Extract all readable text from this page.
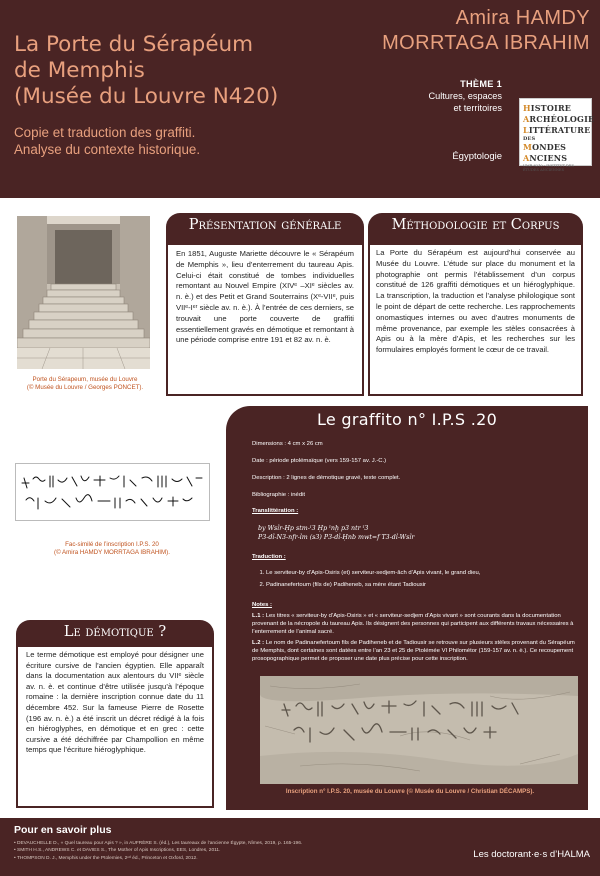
La Porte du Sérapéum
de Memphis
(Musée du Louvre N420)
Copie et traduction des graffiti.
Analyse du contexte historique.
Amira HAMDY
MORRTAGA IBRAHIM
THÈME 1
Cultures, espaces
et territoires
Égyptologie
HISTOIRE
ARCHÉOLOGIE
LITTÉRATURE
DES
MONDES
ANCIENS
UMR 8210 - INSTITUT DES ÉTUDES ANCIENNES
Porte du Sérapeum, musée du Louvre
(© Musée du Louvre / Georges PONCET).
Présentation générale
En 1851, Auguste Mariette découvre le « Sérapéum de Memphis », lieu d’enterrement du taureau Apis. Celui-ci était constitué de tombes individuelles remontant au Nouvel Empire (XIVᵉ –XIᵉ siècles av. n. è.) et des Petit et Grand Souterrains (Xᵉ-VIIᵉ, puis VIIᵉ-Iᵉʳ siècle av. n. è.). À l’entrée de ces derniers, se trouvait une porte couverte de graffiti essentiellement gravés en démotique et remontant à une période comprise entre 191 et 82 av. n. è.
Méthodologie et Corpus
La Porte du Sérapéum est aujourd’hui conservée au Musée du Louvre. L’étude sur place du monument et la photographie ont permis l’établissement d’un corpus constitué de 126 graffiti démotiques et un hiéroglyphique. La transcription, la traduction et l’analyse philologique sont le point de départ de cette recherche. Les rapprochements onomastiques internes ou avec d’autres monuments de même provenance, par exemple les stèles consacrées à Apis ou à la mère d’Apis, et les recherches sur les formulaires employés forment le cœur de ce travail.
Le graffito n° I.P.S .20
Dimensions : 4 cm x 26 cm
Date : période ptolémaïque (vers 159-157 av. J.-C.)
Description : 2 lignes de démotique gravé, texte complet.
Bibliographie : inédit
Translittération :
by Wsỉr-Ḥp stm-ˁ3 Ḥp ˁnḫ p3 ntr ˁ3
P3-dỉ-N3-nfr-ỉm (s3) P3-dỉ-Ḥnb mwt=f T3-dỉ-Wsỉr
Traduction :
1. Le serviteur-by d’Apis-Osiris (et) serviteur-sedjem-âch d’Apis vivant, le grand dieu,
2. Padinanefertoum (fils de) Padiheneb, sa mère étant Tadiousir
Notes :

L.1 : Les titres « serviteur-by d’Apis-Osiris » et « serviteur-sedjem d’Apis vivant » sont courants dans la documentation provenant de la nécropole du taureau Apis. Ils désignent des personnes qui participent aux différents travaux nécessaires à l’enterrement de l’animal sacré.

L.2 : Le nom de Padinanefertoum fils de Padiheneb et de Tadiousir se retrouve sur plusieurs stèles provenant du Sérapéum de Memphis, dont certaines sont datées entre l’an 23 et 25 de Ptolémée VI Philométor (159-157 av. n. è.). Ce recoupement prosopographique permet de proposer une date plus précise pour cette inscription.

Inscription n° I.P.S. 20, musée du Louvre (© Musée du Louvre / Christian DÉCAMPS).
Fac-similé de l’inscription I.P.S. 20
(© Amira HAMDY MORRTAGA IBRAHIM).
Le démotique ?
Le terme démotique est employé pour désigner une écriture cursive de l’ancien égyptien. Elle apparaît dans la documentation aux alentours du VIIᵉ siècle av. n. è. et continue d’être utilisée jusqu’à l’époque romaine : la dernière inscription connue date du 11 décembre 452. Sur la fameuse Pierre de Rosette (196 av. n. è.) a été inscrit un décret rédigé à la fois en hiéroglyphes, en démotique et en grec : cette cursive a été déchiffrée par Champollion en même temps que l’écriture hiéroglyphique.
Pour en savoir plus
• DEVAUCHELLE D., « Quel taureau pour Apis ? », in AUFRÈRE S. (éd.), Les taureaux de l’ancienne Égypte, Nîmes, 2019, p. 165-196.
• SMITH H.S., ANDREWS C. et DAVIES S., The Mother of Apis Inscriptions, EES, Londres, 2011.
• THOMPSON D. J., Memphis under the Ptolemies, 2ⁿᵈ éd., Princeton et Oxford, 2012.	Les doctorant·e·s d’HALMA
